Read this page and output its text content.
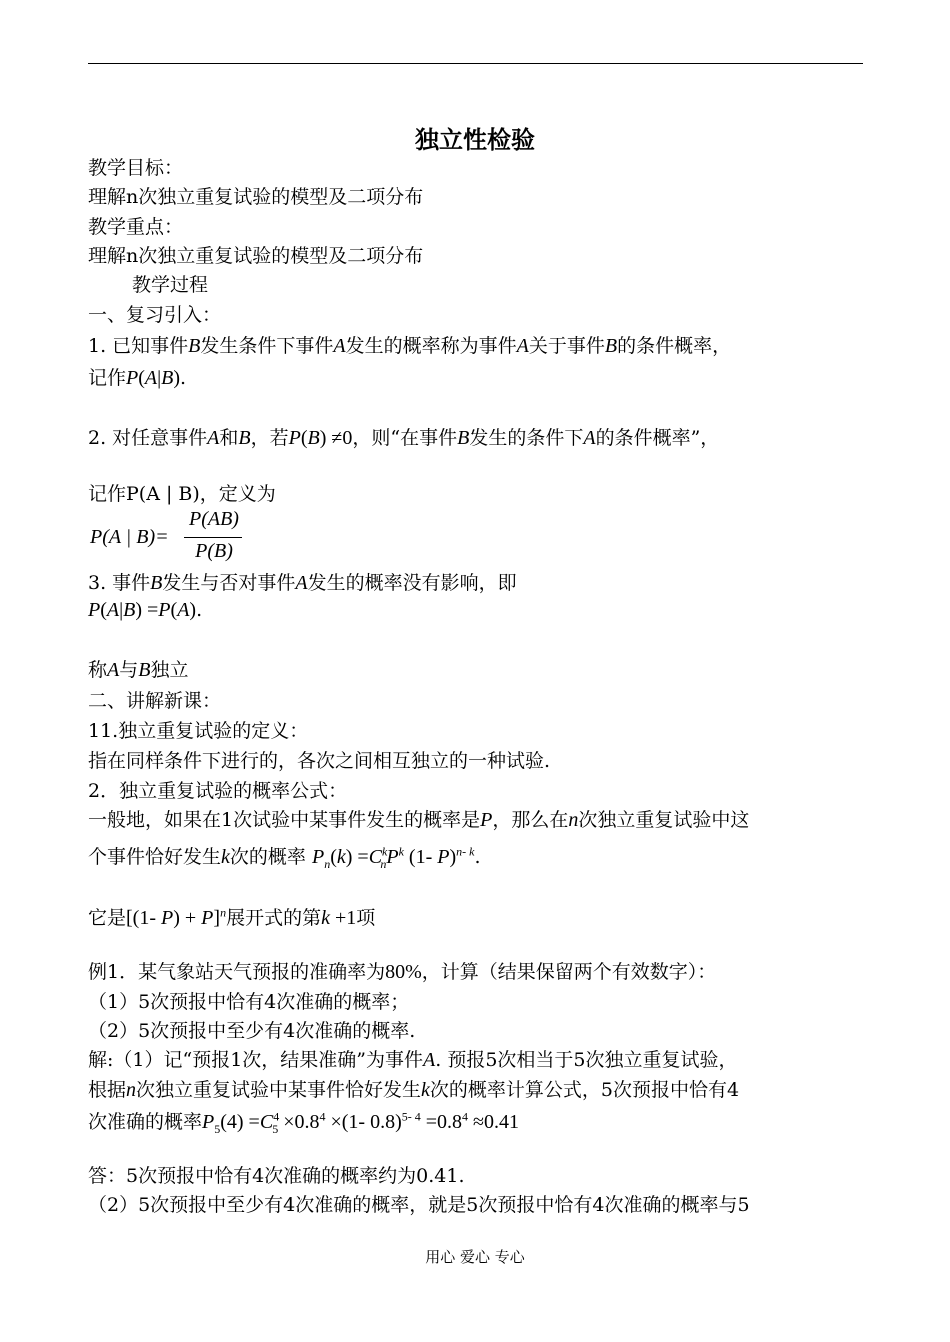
独立性检验
教学目标：
理解n次独立重复试验的模型及二项分布
教学重点：
理解n次独立重复试验的模型及二项分布
教学过程
一、复习引入：
1. 已知事件B发生条件下事件A发生的概率称为事件A关于事件B的条件概率，
记作P(A|B).
2. 对任意事件A和B，若P(B) ≠0，则“在事件B发生的条件下A的条件概率”，
记作P(A | B)，定义为
P(A | B)=
P(AB)
P(B)
3. 事件B发生与否对事件A发生的概率没有影响，即
P(A|B) =P(A).
称A与B独立
二、讲解新课：
11.独立重复试验的定义：
指在同样条件下进行的，各次之间相互独立的一种试验.
2．独立重复试验的概率公式：
一般地，如果在1次试验中某事件发生的概率是P，那么在n次独立重复试验中这
个事件恰好发生k次的概率 $P_n(k) =C^k_nP^k$ (1- P)$^{n- k}$.
它是[(1- P) + P]$^n$展开式的第k +1项
例1．某气象站天气预报的准确率为80%，计算（结果保留两个有效数字）：
（1）5次预报中恰有4次准确的概率；
（2）5次预报中至少有4次准确的概率.
解:（1）记“预报1次，结果准确”为事件A. 预报5次相当于5次独立重复试验，
根据n次独立重复试验中某事件恰好发生k次的概率计算公式，5次预报中恰有4
次准确的概率$P_5(4) =C^4_5 \times 0.8^4 \times(1-$ $0.8)^{5- 4} =0.8^4 \approx 0.41$
答：5次预报中恰有4次准确的概率约为0.41.
（2）5次预报中至少有4次准确的概率，就是5次预报中恰有4次准确的概率与5
用心 爱心 专心
